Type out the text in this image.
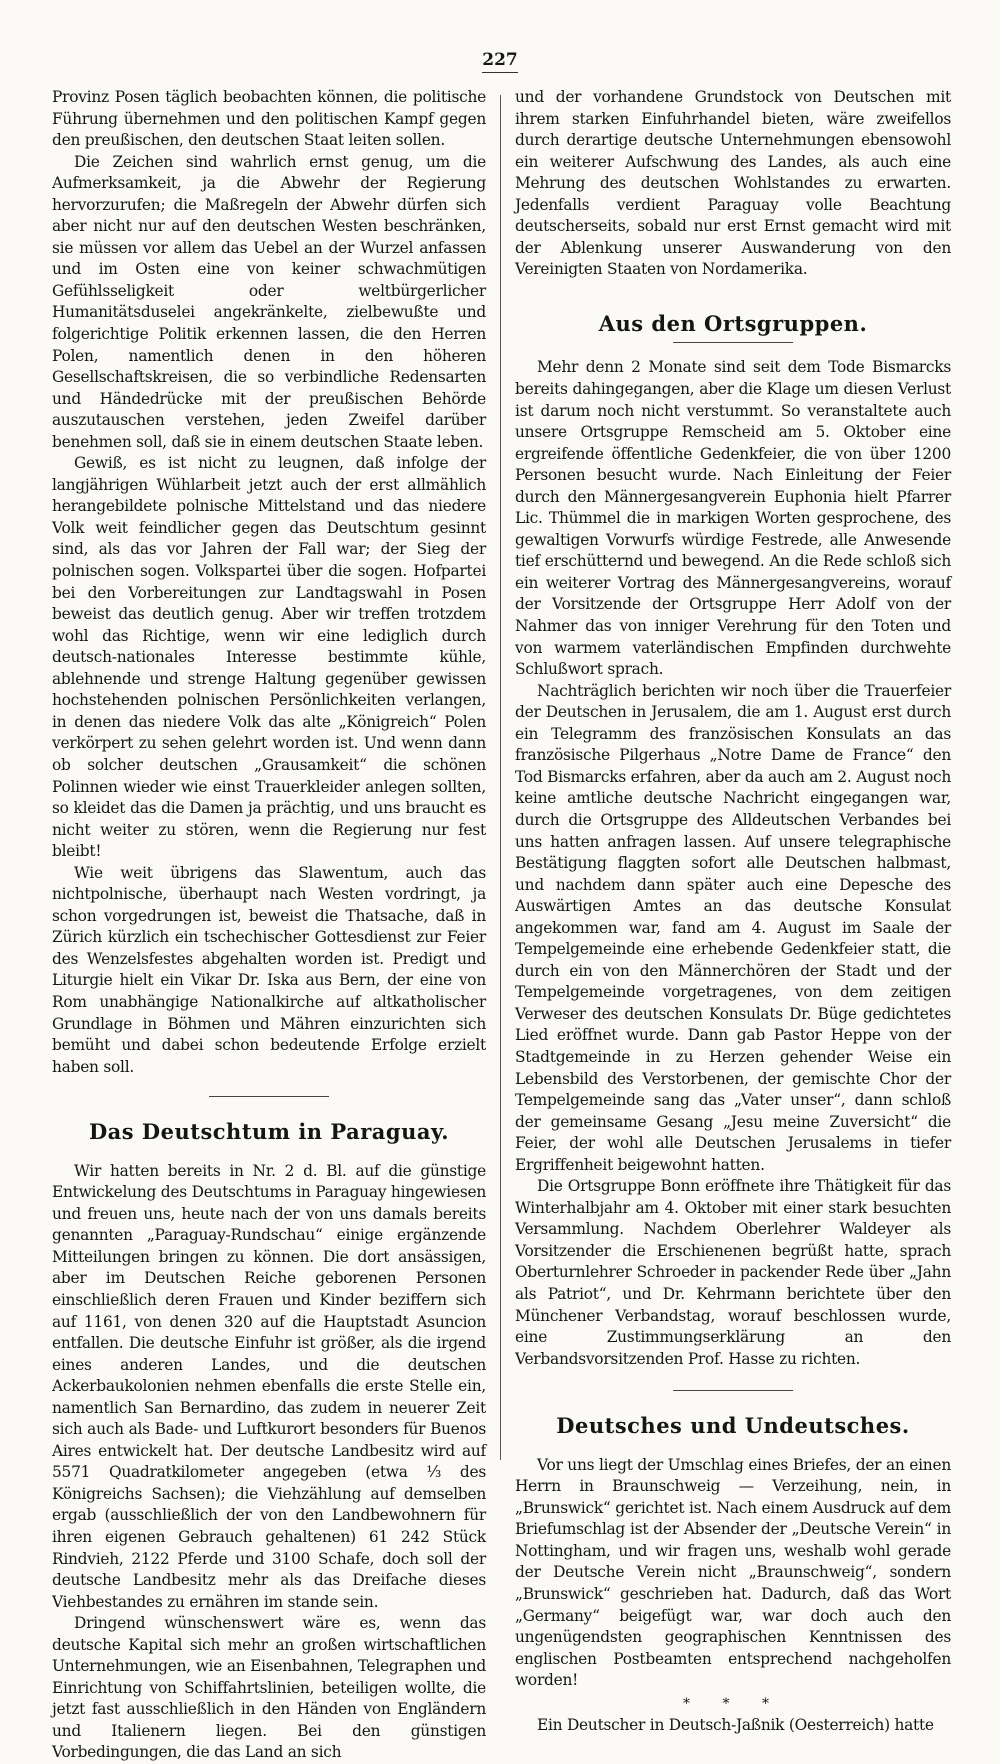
227

Provinz Posen täglich beobachten können, die politische Führung übernehmen und den politischen Kampf gegen den preußischen, den deutschen Staat leiten sollen.

Die Zeichen sind wahrlich ernst genug, um die Aufmerksamkeit, ja die Abwehr der Regierung hervorzurufen; die Maßregeln der Abwehr dürfen sich aber nicht nur auf den deutschen Westen beschränken, sie müssen vor allem das Uebel an der Wurzel anfassen und im Osten eine von keiner schwachmütigen Gefühlsseligkeit oder weltbürgerlicher Humanitätsduselei angekränkelte, zielbewußte und folgerichtige Politik erkennen lassen, die den Herren Polen, namentlich denen in den höheren Gesellschaftskreisen, die so verbindliche Redensarten und Händedrücke mit der preußischen Behörde auszutauschen verstehen, jeden Zweifel darüber benehmen soll, daß sie in einem deutschen Staate leben.

Gewiß, es ist nicht zu leugnen, daß infolge der langjährigen Wühlarbeit jetzt auch der erst allmählich herangebildete polnische Mittelstand und das niedere Volk weit feindlicher gegen das Deutschtum gesinnt sind, als das vor Jahren der Fall war; der Sieg der polnischen sogen. Volkspartei über die sogen. Hofpartei bei den Vorbereitungen zur Landtagswahl in Posen beweist das deutlich genug. Aber wir treffen trotzdem wohl das Richtige, wenn wir eine lediglich durch deutsch-nationales Interesse bestimmte kühle, ablehnende und strenge Haltung gegenüber gewissen hochstehenden polnischen Persönlichkeiten verlangen, in denen das niedere Volk das alte „Königreich“ Polen verkörpert zu sehen gelehrt worden ist. Und wenn dann ob solcher deutschen „Grausamkeit“ die schönen Polinnen wieder wie einst Trauerkleider anlegen sollten, so kleidet das die Damen ja prächtig, und uns braucht es nicht weiter zu stören, wenn die Regierung nur fest bleibt!

Wie weit übrigens das Slawentum, auch das nichtpolnische, überhaupt nach Westen vordringt, ja schon vorgedrungen ist, beweist die Thatsache, daß in Zürich kürzlich ein tschechischer Gottesdienst zur Feier des Wenzelsfestes abgehalten worden ist. Predigt und Liturgie hielt ein Vikar Dr. Iska aus Bern, der eine von Rom unabhängige Nationalkirche auf altkatholischer Grundlage in Böhmen und Mähren einzurichten sich bemüht und dabei schon bedeutende Erfolge erzielt haben soll.

Das Deutschtum in Paraguay.

Wir hatten bereits in Nr. 2 d. Bl. auf die günstige Entwickelung des Deutschtums in Paraguay hingewiesen und freuen uns, heute nach der von uns damals bereits genannten „Paraguay-Rundschau“ einige ergänzende Mitteilungen bringen zu können. Die dort ansässigen, aber im Deutschen Reiche geborenen Personen einschließlich deren Frauen und Kinder beziffern sich auf 1161, von denen 320 auf die Hauptstadt Asuncion entfallen. Die deutsche Einfuhr ist größer, als die irgend eines anderen Landes, und die deutschen Ackerbaukolonien nehmen ebenfalls die erste Stelle ein, namentlich San Bernardino, das zudem in neuerer Zeit sich auch als Bade- und Luftkurort besonders für Buenos Aires entwickelt hat. Der deutsche Landbesitz wird auf 5571 Quadratkilometer angegeben (etwa ⅓ des Königreichs Sachsen); die Viehzählung auf demselben ergab (ausschließlich der von den Landbewohnern für ihren eigenen Gebrauch gehaltenen) 61 242 Stück Rindvieh, 2122 Pferde und 3100 Schafe, doch soll der deutsche Landbesitz mehr als das Dreifache dieses Viehbestandes zu ernähren im stande sein.

Dringend wünschenswert wäre es, wenn das deutsche Kapital sich mehr an großen wirtschaftlichen Unternehmungen, wie an Eisenbahnen, Telegraphen und Einrichtung von Schiffahrtslinien, beteiligen wollte, die jetzt fast ausschließlich in den Händen von Engländern und Italienern liegen. Bei den günstigen Vorbedingungen, die das Land an sich

und der vorhandene Grundstock von Deutschen mit ihrem starken Einfuhrhandel bieten, wäre zweifellos durch derartige deutsche Unternehmungen ebensowohl ein weiterer Aufschwung des Landes, als auch eine Mehrung des deutschen Wohlstandes zu erwarten. Jedenfalls verdient Paraguay volle Beachtung deutscherseits, sobald nur erst Ernst gemacht wird mit der Ablenkung unserer Auswanderung von den Vereinigten Staaten von Nordamerika.

Aus den Ortsgruppen.

Mehr denn 2 Monate sind seit dem Tode Bismarcks bereits dahingegangen, aber die Klage um diesen Verlust ist darum noch nicht verstummt. So veranstaltete auch unsere Ortsgruppe Remscheid am 5. Oktober eine ergreifende öffentliche Gedenkfeier, die von über 1200 Personen besucht wurde. Nach Einleitung der Feier durch den Männergesangverein Euphonia hielt Pfarrer Lic. Thümmel die in markigen Worten gesprochene, des gewaltigen Vorwurfs würdige Festrede, alle Anwesende tief erschütternd und bewegend. An die Rede schloß sich ein weiterer Vortrag des Männergesangvereins, worauf der Vorsitzende der Ortsgruppe Herr Adolf von der Nahmer das von inniger Verehrung für den Toten und von warmem vaterländischen Empfinden durchwehte Schlußwort sprach.

Nachträglich berichten wir noch über die Trauerfeier der Deutschen in Jerusalem, die am 1. August erst durch ein Telegramm des französischen Konsulats an das französische Pilgerhaus „Notre Dame de France“ den Tod Bismarcks erfahren, aber da auch am 2. August noch keine amtliche deutsche Nachricht eingegangen war, durch die Ortsgruppe des Alldeutschen Verbandes bei uns hatten anfragen lassen. Auf unsere telegraphische Bestätigung flaggten sofort alle Deutschen halbmast, und nachdem dann später auch eine Depesche des Auswärtigen Amtes an das deutsche Konsulat angekommen war, fand am 4. August im Saale der Tempelgemeinde eine erhebende Gedenkfeier statt, die durch ein von den Männerchören der Stadt und der Tempelgemeinde vorgetragenes, von dem zeitigen Verweser des deutschen Konsulats Dr. Büge gedichtetes Lied eröffnet wurde. Dann gab Pastor Heppe von der Stadtgemeinde in zu Herzen gehender Weise ein Lebensbild des Verstorbenen, der gemischte Chor der Tempelgemeinde sang das „Vater unser“, dann schloß der gemeinsame Gesang „Jesu meine Zuversicht“ die Feier, der wohl alle Deutschen Jerusalems in tiefer Ergriffenheit beigewohnt hatten.

Die Ortsgruppe Bonn eröffnete ihre Thätigkeit für das Winterhalbjahr am 4. Oktober mit einer stark besuchten Versammlung. Nachdem Oberlehrer Waldeyer als Vorsitzender die Erschienenen begrüßt hatte, sprach Oberturnlehrer Schroeder in packender Rede über „Jahn als Patriot“, und Dr. Kehrmann berichtete über den Münchener Verbandstag, worauf beschlossen wurde, eine Zustimmungserklärung an den Verbandsvorsitzenden Prof. Hasse zu richten.

Deutsches und Undeutsches.

Vor uns liegt der Umschlag eines Briefes, der an einen Herrn in Braunschweig — Verzeihung, nein, in „Brunswick“ gerichtet ist. Nach einem Ausdruck auf dem Briefumschlag ist der Absender der „Deutsche Verein“ in Nottingham, und wir fragen uns, weshalb wohl gerade der Deutsche Verein nicht „Braunschweig“, sondern „Brunswick“ geschrieben hat. Dadurch, daß das Wort „Germany“ beigefügt war, war doch auch den ungenügendsten geographischen Kenntnissen des englischen Postbeamten entsprechend nachgeholfen worden!

* * *

Ein Deutscher in Deutsch-Jaßnik (Oesterreich) hatte
